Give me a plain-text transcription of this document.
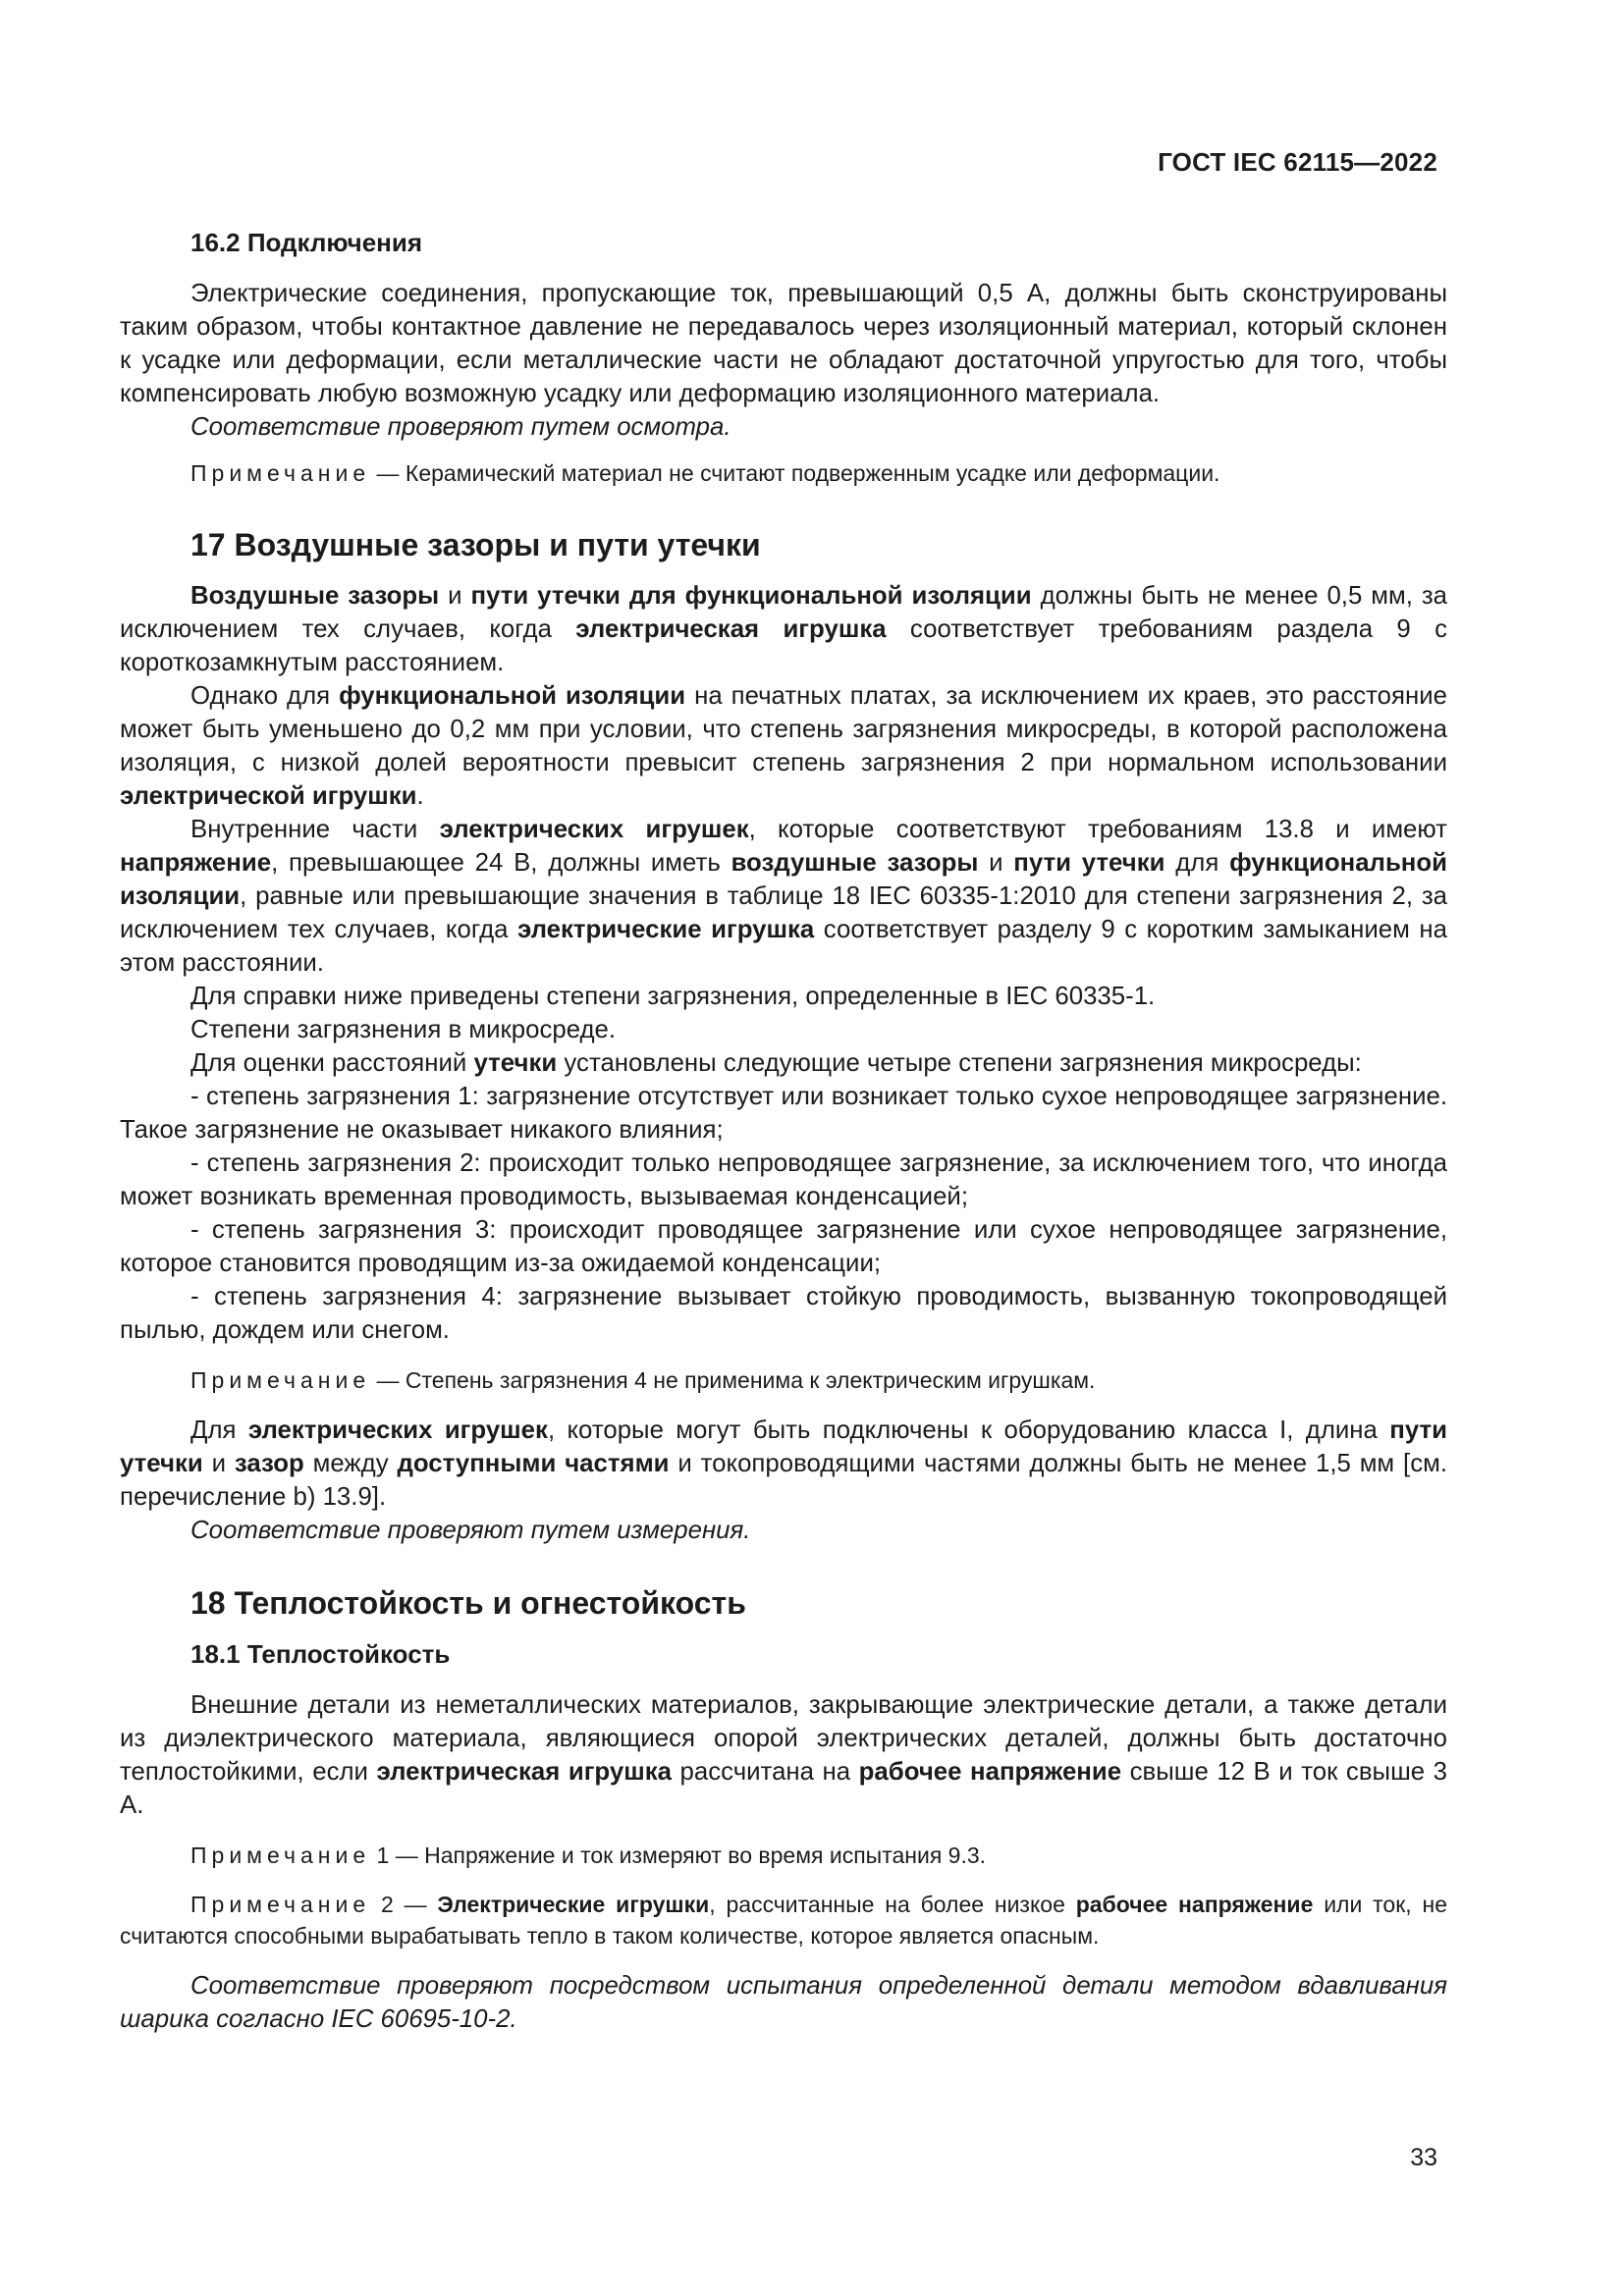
ГОСТ IEC 62115—2022
16.2 Подключения

Электрические соединения, пропускающие ток, превышающий 0,5 А, должны быть сконструированы таким образом, чтобы контактное давление не передавалось через изоляционный материал, который склонен к усадке или деформации, если металлические части не обладают достаточной упругостью для того, чтобы компенсировать любую возможную усадку или деформацию изоляционного материала.

Соответствие проверяют путем осмотра.

Примечание — Керамический материал не считают подверженным усадке или деформации.

17 Воздушные зазоры и пути утечки

Воздушные зазоры и пути утечки для функциональной изоляции должны быть не менее 0,5 мм, за исключением тех случаев, когда электрическая игрушка соответствует требованиям раздела 9 с короткозамкнутым расстоянием.

Однако для функциональной изоляции на печатных платах, за исключением их краев, это расстояние может быть уменьшено до 0,2 мм при условии, что степень загрязнения микросреды, в которой расположена изоляция, с низкой долей вероятности превысит степень загрязнения 2 при нормальном использовании электрической игрушки.

Внутренние части электрических игрушек, которые соответствуют требованиям 13.8 и имеют напряжение, превышающее 24 В, должны иметь воздушные зазоры и пути утечки для функциональной изоляции, равные или превышающие значения в таблице 18 IEC 60335-1:2010 для степени загрязнения 2, за исключением тех случаев, когда электрические игрушка соответствует разделу 9 с коротким замыканием на этом расстоянии.

Для справки ниже приведены степени загрязнения, определенные в IEC 60335-1.

Степени загрязнения в микросреде.

Для оценки расстояний утечки установлены следующие четыре степени загрязнения микросреды:

- степень загрязнения 1: загрязнение отсутствует или возникает только сухое непроводящее загрязнение. Такое загрязнение не оказывает никакого влияния;

- степень загрязнения 2: происходит только непроводящее загрязнение, за исключением того, что иногда может возникать временная проводимость, вызываемая конденсацией;

- степень загрязнения 3: происходит проводящее загрязнение или сухое непроводящее загрязнение, которое становится проводящим из-за ожидаемой конденсации;

- степень загрязнения 4: загрязнение вызывает стойкую проводимость, вызванную токопроводящей пылью, дождем или снегом.

Примечание — Степень загрязнения 4 не применима к электрическим игрушкам.

Для электрических игрушек, которые могут быть подключены к оборудованию класса I, длина пути утечки и зазор между доступными частями и токопроводящими частями должны быть не менее 1,5 мм [см. перечисление b) 13.9].

Соответствие проверяют путем измерения.

18 Теплостойкость и огнестойкость
18.1 Теплостойкость

Внешние детали из неметаллических материалов, закрывающие электрические детали, а также детали из диэлектрического материала, являющиеся опорой электрических деталей, должны быть достаточно теплостойкими, если электрическая игрушка рассчитана на рабочее напряжение свыше 12 В и ток свыше 3 А.

Примечание 1 — Напряжение и ток измеряют во время испытания 9.3.

Примечание 2 — Электрические игрушки, рассчитанные на более низкое рабочее напряжение или ток, не считаются способными вырабатывать тепло в таком количестве, которое является опасным.

Соответствие проверяют посредством испытания определенной детали методом вдавливания шарика согласно IEC 60695-10-2.

33
